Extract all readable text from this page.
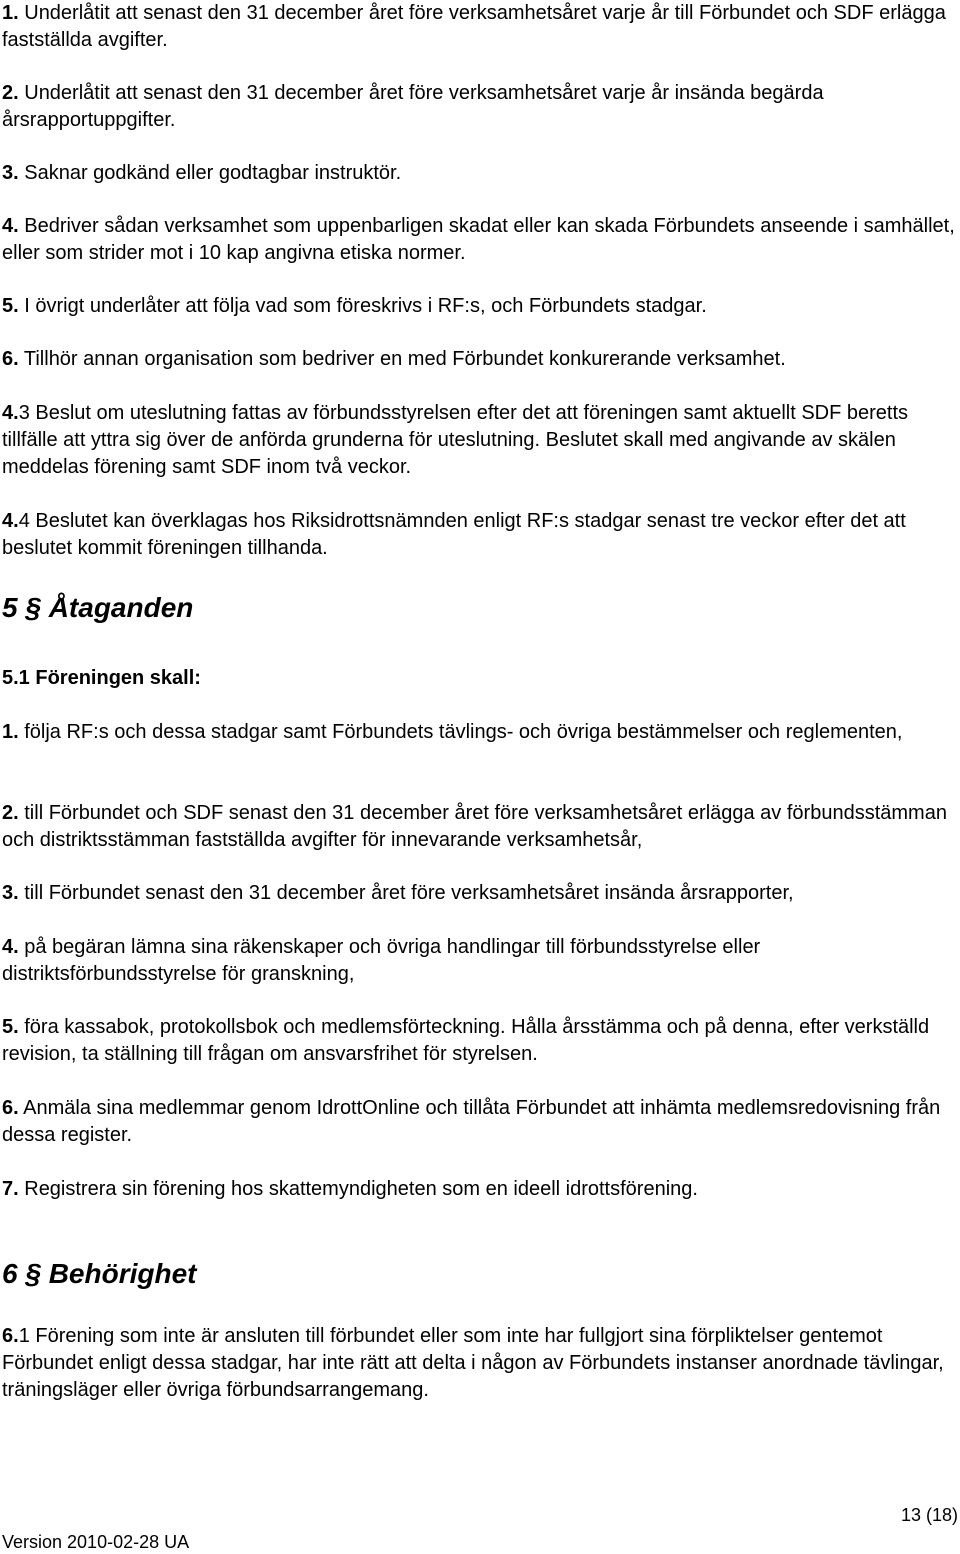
1. Underlåtit att senast den 31 december året före verksamhetsåret varje år till Förbundet och SDF erlägga fastställda avgifter.

2. Underlåtit att senast den 31 december året före verksamhetsåret varje år insända begärda årsrapportuppgifter.

3. Saknar godkänd eller godtagbar instruktör.

4. Bedriver sådan verksamhet som uppenbarligen skadat eller kan skada Förbundets anseende i samhället, eller som strider mot i 10 kap angivna etiska normer.

5. I övrigt underlåter att följa vad som föreskrivs i RF:s, och Förbundets stadgar.

6. Tillhör annan organisation som bedriver en med Förbundet konkurerande verksamhet.

4.3 Beslut om uteslutning fattas av förbundsstyrelsen efter det att föreningen samt aktuellt SDF beretts tillfälle att yttra sig över de anförda grunderna för uteslutning. Beslutet skall med angivande av skälen meddelas förening samt SDF inom två veckor.

4.4 Beslutet kan överklagas hos Riksidrottsnämnden enligt RF:s stadgar senast tre veckor efter det att beslutet kommit föreningen tillhanda.

5 § Åtaganden

5.1 Föreningen skall:

1. följa RF:s och dessa stadgar samt Förbundets tävlings- och övriga bestämmelser och reglementen,

2. till Förbundet och SDF senast den 31 december året före verksamhetsåret erlägga av förbundsstämman och distriktsstämman fastställda avgifter för innevarande verksamhetsår,

3. till Förbundet senast den 31 december året före verksamhetsåret insända årsrapporter,

4. på begäran lämna sina räkenskaper och övriga handlingar till förbundsstyrelse eller distriktsförbundsstyrelse för granskning,

5. föra kassabok, protokollsbok och medlemsförteckning. Hålla årsstämma och på denna, efter verkställd revision, ta ställning till frågan om ansvarsfrihet för styrelsen.

6. Anmäla sina medlemmar genom IdrottOnline och tillåta Förbundet att inhämta medlemsredovisning från dessa register.

7. Registrera sin förening hos skattemyndigheten som en ideell idrottsförening.

6 § Behörighet

6.1 Förening som inte är ansluten till förbundet eller som inte har fullgjort sina förpliktelser gentemot Förbundet enligt dessa stadgar, har inte rätt att delta i någon av Förbundets instanser anordnade tävlingar, träningsläger eller övriga förbundsarrangemang.

13 (18)
Version 2010-02-28 UA
